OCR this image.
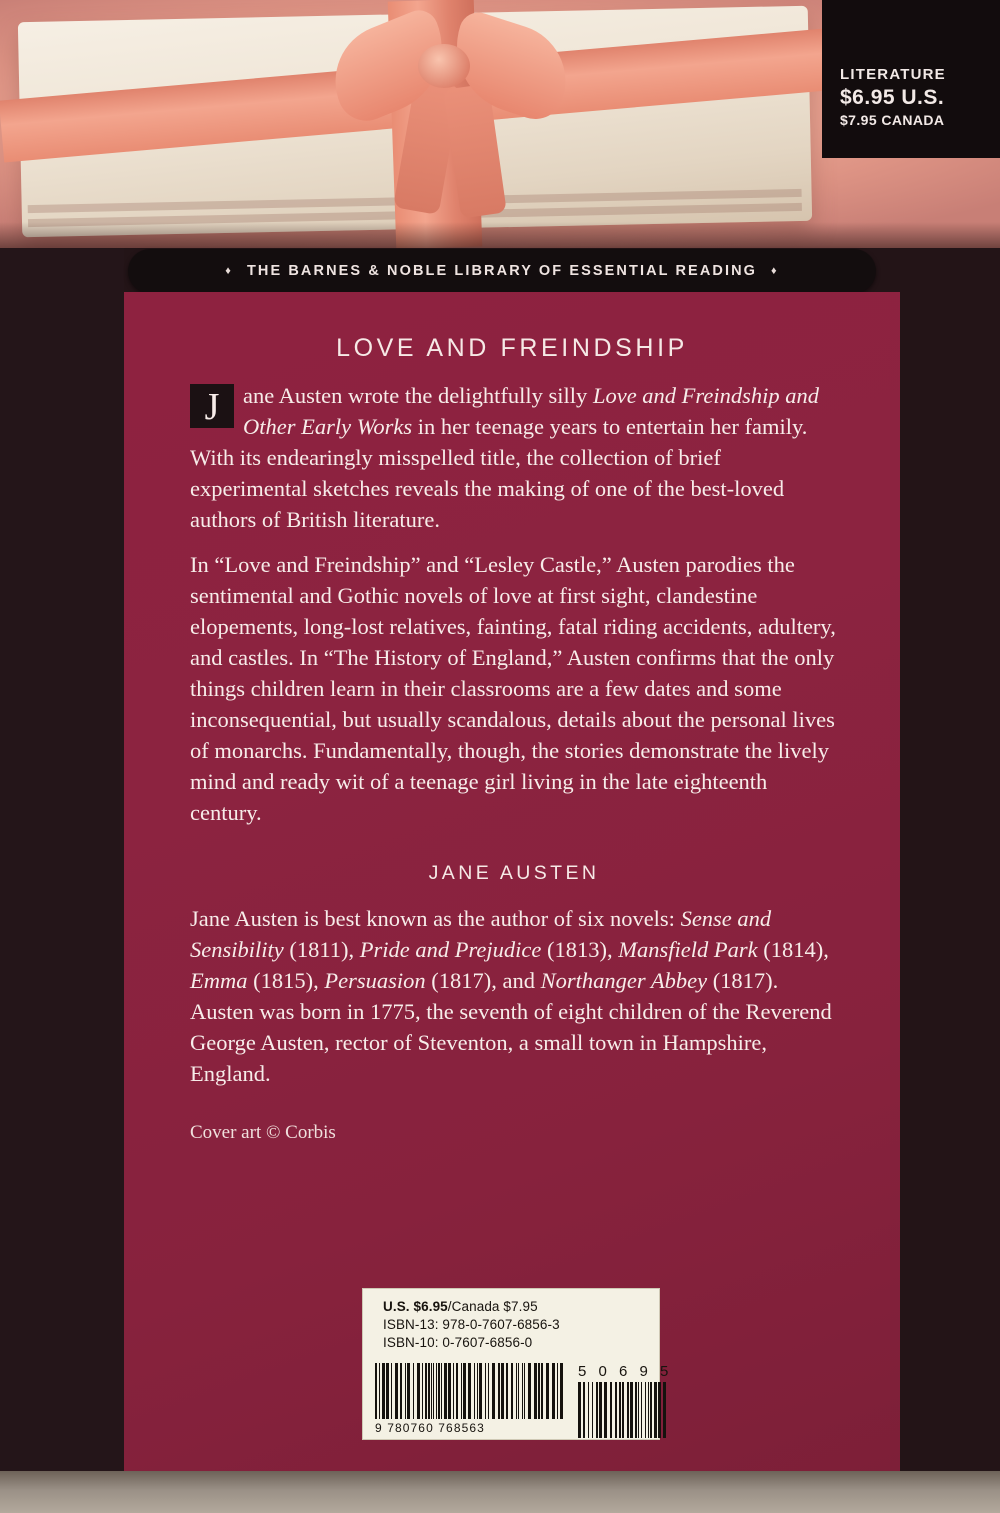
LITERATURE
$6.95 U.S.
$7.95 CANADA
♦ THE BARNES & NOBLE LIBRARY OF ESSENTIAL READING ♦
LOVE AND FREINDSHIP

J	ane Austen wrote the delightfully silly Love and Freindship and Other Early Works in her teenage years to entertain her family. With its endearingly misspelled title, the collection of brief experimental sketches reveals the making of one of the best-loved authors of British literature.

In “Love and Freindship” and “Lesley Castle,” Austen parodies the sentimental and Gothic novels of love at first sight, clandestine elopements, long-lost relatives, fainting, fatal riding accidents, adultery, and castles. In “The History of England,” Austen confirms that the only things children learn in their classrooms are a few dates and some inconsequential, but usually scandalous, details about the personal lives of monarchs. Fundamentally, though, the stories demonstrate the lively mind and ready wit of a teenage girl living in the late eighteenth century.

JANE AUSTEN

Jane Austen is best known as the author of six novels: Sense and Sensibility (1811), Pride and Prejudice (1813), Mansfield Park (1814), Emma (1815), Persuasion (1817), and Northanger Abbey (1817). Austen was born in 1775, the seventh of eight children of the Reverend George Austen, rector of Steventon, a small town in Hampshire, England.

Cover art © Corbis
U.S. $6.95/Canada $7.95
ISBN-13: 978-0-7607-6856-3
ISBN-10: 0-7607-6856-0
9 780760 768563
5 0 6 9 5
